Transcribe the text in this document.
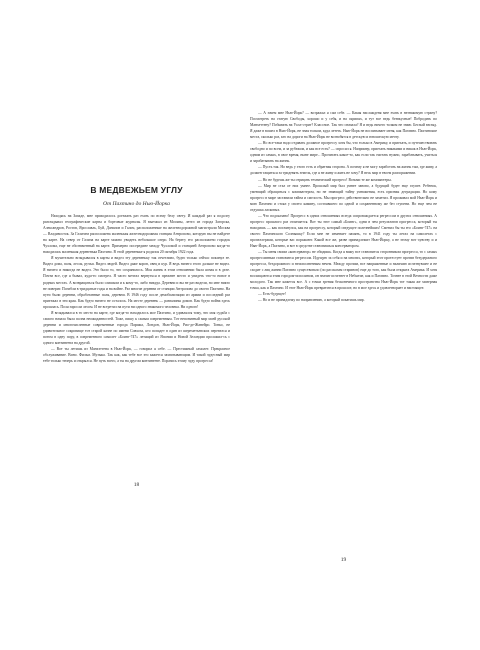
В МЕДВЕЖЬЕМ УГЛУ
От Пахтино до Нью-Йорка

Находясь на Западе, мне приходилось доезжать раз ехать по всему белу свету. И каждый раз я подолгу разглядывал географические карты и бортовые журналы. Я выезжал из Москвы, летел из города Загорска, Александров, Ростов, Ярославль, Буй, Данилов и Галич, расположенные на железнодорожной магистрали Москва — Владивосток. За Галичем расположена маленькая железнодорожная станция Антропово, которую вы не найдете на карте. На север от Галича на карте можно увидеть небольшое озеро. На берегу его расположено городок Чухлома, еще не обозначенный на карте. Примерно посередине между Чухломой и станцией Антропово когда-то находилась маленькая деревенька Пахтино. В этой деревеньке я родился 20 октября 1922 года.

Я мучительно вглядывался в карты и видел эту деревеньку так отчетливо, будто только сейчас покинул ее. Видел дома, поля, лесок, ручьи. Видел людей. Видел даже коров, овец и кур. Я ведь ничего этого дальше не видел. Я ничего и никогда не видел. Это было то, что сохранилось. Моя жизнь в этом отношении была ясная и в деле. Почти все, где я бывал, куда-то смотрел. Я часто мечтал вернуться в прежнее место и увидеть что-то новое в родных местах. А возвращаться было слишком и к кому-то, либо никуда. Деревни и вы не раз видели, но мне никто не поверит. Погибли в тридцатые годы и на войне. Раз многие деревни от станции Антропово до своего Пахтино. На пути были деревни, обработанные поля, деревни. В 1946 году после демобилизации из армии и последний раз приезжал в эти края. Как будто ничего не осталось. На месте деревень — развалины домов. Как будто война здесь прошлась. Поля заросли лесом. И не встретил на пути ни одного знакомого человека. Ни одного!

Я вглядывался в то место на карте, где когда-то находилось мое Пахтино, и удивлялся тому, что моя судьба с самого начала была полна неожиданностей. Тоже, пишу к самым современным. Тот непонятный мир моей русской деревни и многочисленные современные города Парижа, Лондон, Нью-Йорк, Рио-де-Жанейро. Тонко, не удивительное сокровище тот старой казне по имени Совхоза, кто попадет в один из шереметьевских перевелся и потом в одну пору, в современного самолет «Боинг-747» летящий из Японии и Новой Зеландии проложил-сь с одного континента на другой.

— Вот ты летишь из Манхэттена в Нью-Йорк, — говорил я себе. — Престижный самолет. Прекрасное обслуживание. Вино. Фильм. Музыка. Так как, как тебе все это кажется захватывающим. И такой чудесный мир тебе только теперь и открылся. Не путь всего, а ты на другом континенте. Поразись этому чуду прогресса!

18

— А зачем мне Нью-Йорк? — возражал я сам себе. — Какая наслажденя мне ехать в незнакомую страну? Посмотреть на статую Свободы, хорошо и у себя, и на скрипях, и тут все ведь безвкусные! Побродить по Манхеттену? Побывать на Уолл-стрит? Классное. Так что сначала? Я и ведь ничего толком не знаю. Беглый взгляд. Я даже в вошел в Нью-Йорк, не зная толком, куда лететь. Нью-Йорк не воспитывает меня, как Пахтино. Пахтинские места, сколько раз, кто на дороги на Нью-Йорк не вознобятся в детскую и юношескую мечту.

— Но все-таки надо отдавать должное прогрессу хотя бы, что только в Америку, и приехать, и путешествовать свободно и по всем, и за рубежом, и как все есть? — спросил я. Например, приехать никакими и никак в Нью-Йорк, одним из самых, в свое время, ныне мире... Прочитать какое-то, как если так считать нужно, зарабатывать, учиться и зарабатывать на жизнь.

— Пусть так. Но ведь у этого есть и обратная сторона. А почему я не могу заработать на жизнь там, где живу, а должен тащиться за тридевять земель, где я не живу и жить не хочу? Я весь мир в твоем распоряжении.

— Но не будешь же ты отрицать технический прогресс! Возьми те же компьютеры.

— Мир не стал от них умнее. Прошлый мир был умнее заново, а будущий будет еще глупее. Ребенок, умеющий обращаться с компьютером, но не знающий тайну умножения, есть признак деградации. Но кому прогресс в мире заставили тайна и смелость. Мы прогресс действительно не заметил. Я проживал мой Нью-Йорк и мою Пахтино и стоял у своего камину, состоявшего по одной и сохраненному же без ступени. Но еще чем не отдушка ласковых.

— Что подсказано! Прогресс в одних отношениях всегда сопровождается регрессом в других отношениях. А прогресс прошлого раз отличается. Вот ты этот самый «Боинг», одни в чем результатов прогресса, который ты находишь — как поглянулся, как на прогрессу, который сведущее полезнейших! Сменил бы ты его «Боинг-747» на своего Пахтинского Солнышку? Если мне не изменяет память, то в 1941 году ты летал на самолетах с пропеллерами, которые вас поражают. Какой все же, разве принадлежит Нью-Йорку, а не этому вот чувству и и Нью-Йорк, а Пахтино, и вот в средстве становишься консерватором.

— Ты меня своим «консерватор» не обидишь. Когда я вижу все становится сторонником прогресса, то с самых прогрессивным становится регрессом. Идущую за себя и на многих, который этот протестует против безудержного прогресса, бездорожного и неисполненным нечем. Между прочим, все напряженные и наличию исчезнувшее и не сходит с лиц жизни Пахтино существовало (по рассказам старинов) еще до того, как была открыта Америка. И хотя восхищаются этим городом-исполином, он значит исчезнет в Небытие, как и Пахтино. Точнее в этой Вечности даже молодого. Так мне кажется все. А с точки зрения бесконечного пространства Нью-Йорк тот такая же мизерная точка, как и Пахтино. И этот Нью-Йорк превратится в прошлое, но в мое здесь и удовлетворяет и настоящее.

— Есть-будущее!

— Но и не принадлежу по направлению, а который покатишь мир.

19
